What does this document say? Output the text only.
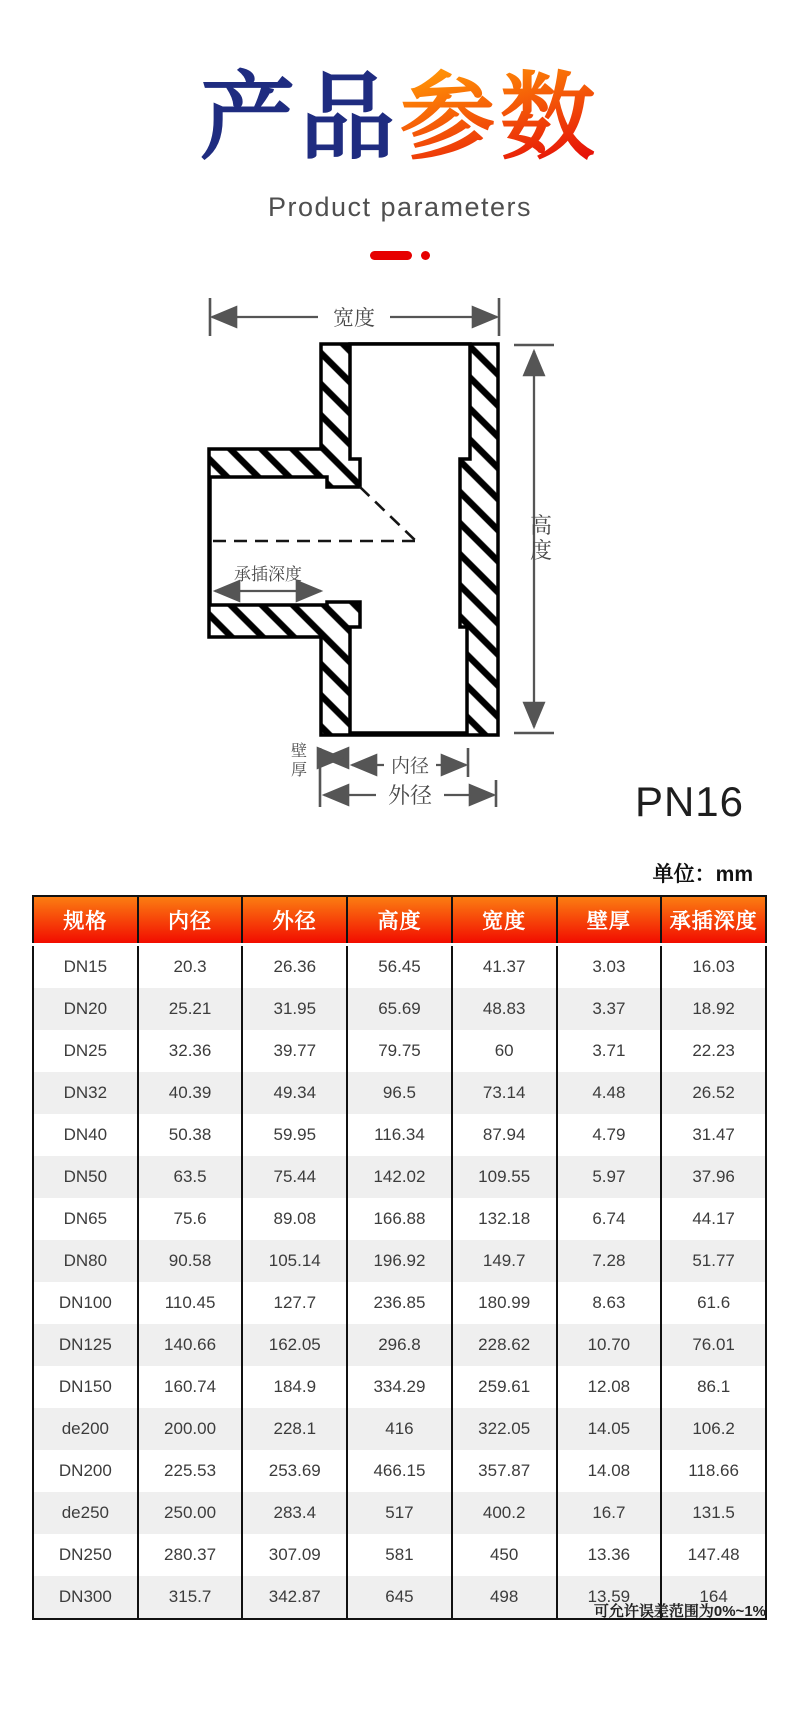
产品参数
Product parameters
宽度
高度
承插深度
壁厚	内径
外径	PN16
单位：mm
规格	内径	外径	高度	宽度	壁厚	承插深度
DN15	20.3	26.36	56.45	41.37	3.03	16.03
DN20	25.21	31.95	65.69	48.83	3.37	18.92
DN25	32.36	39.77	79.75	60	3.71	22.23
DN32	40.39	49.34	96.5	73.14	4.48	26.52
DN40	50.38	59.95	116.34	87.94	4.79	31.47
DN50	63.5	75.44	142.02	109.55	5.97	37.96
DN65	75.6	89.08	166.88	132.18	6.74	44.17
DN80	90.58	105.14	196.92	149.7	7.28	51.77
DN100	110.45	127.7	236.85	180.99	8.63	61.6
DN125	140.66	162.05	296.8	228.62	10.70	76.01
DN150	160.74	184.9	334.29	259.61	12.08	86.1
de200	200.00	228.1	416	322.05	14.05	106.2
DN200	225.53	253.69	466.15	357.87	14.08	118.66
de250	250.00	283.4	517	400.2	16.7	131.5
DN250	280.37	307.09	581	450	13.36	147.48
DN300	315.7	342.87	645	498	13.59	164
可允许误差范围为0%~1%
